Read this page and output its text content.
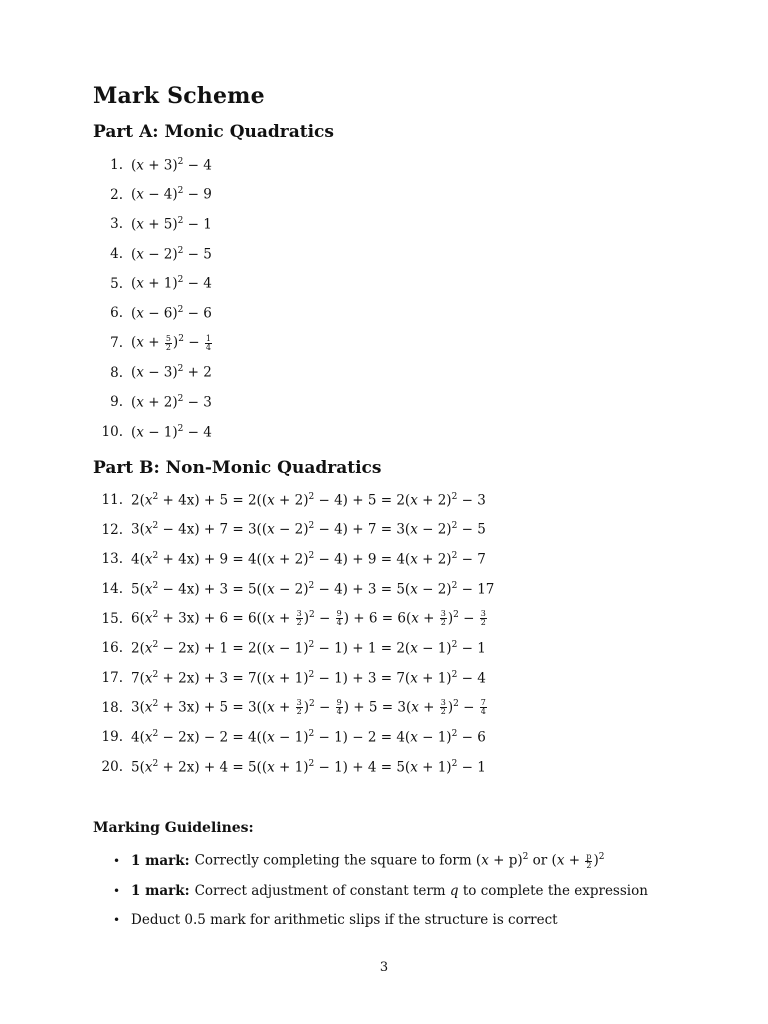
Mark Scheme
Part A: Monic Quadratics
1. $(x + 3)^2 - 4$
2. $(x - 4)^2 - 9$
3. $(x + 5)^2 - 1$
4. $(x - 2)^2 - 5$
5. $(x + 1)^2 - 4$
6. $(x - 6)^2 - 6$
7. $(x + \frac{5}{2} )^2 - \frac{1}{4}$
8. $(x - 3)^2 + 2$
9. $(x + 2)^2 - 3$
10. $(x - 1)^2 - 4$
Part B: Non-Monic Quadratics
11. $2(x^2 + 4x) + 5 = 2((x + 2)^2 - 4) + 5 = 2(x + 2)^2 - 3$
12. $3(x^2 - 4x) + 7 = 3((x - 2)^2 - 4) + 7 = 3(x - 2)^2 - 5$
13. $4(x^2 + 4x) + 9 = 4((x + 2)^2 - 4) + 9 = 4(x + 2)^2 - 7$
14. $5(x^2 - 4x) + 3 = 5((x - 2)^2 - 4) + 3 = 5(x - 2)^2 - 17$
15. $6(x^2 + 3x) + 6 = 6((x + \frac{3}{2} )^2 - \frac{9}{4}$ ) + $6 = 6(x + \frac{3}{2} )^2 - \frac{3}{2}$
16. $2(x^2 - 2x) + 1 = 2((x - 1)^2 - 1) + 1 = 2(x - 1)^2 - 1$
17. $7(x^2 + 2x) + 3 = 7((x + 1)^2 - 1) + 3 = 7(x + 1)^2 - 4$
18. $3(x^2 + 3x) + 5 = 3((x + \frac{3}{2} )^2 - \frac{9}{4}$ ) + $5 = 3(x + \frac{3}{2} )^2 - \frac{7}{4}$
19. $4(x^2 - 2x) - 2 = 4((x - 1)^2 - 1) - 2 = 4(x - 1)^2 - 6$
20. $5(x^2 + 2x) + 4 = 5((x + 1)^2 - 1) + 4 = 5(x + 1)^2 - 1$

Marking Guidelines:

• 1 mark: Correctly completing the square to form $(x + p)^2$ or $(x + \frac{p}{2} )^2$
• 1 mark: Correct adjustment of constant term q to complete the expression
• Deduct 0.5 mark for arithmetic slips if the structure is correct
3
